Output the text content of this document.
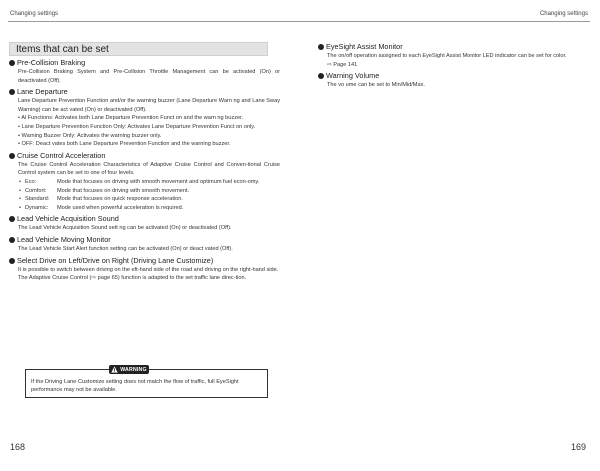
Changing settings
Items that can be set
Pre-Collision Braking
Pre-Collision Braking System and Pre-Collision Throttle Management can be activated (On) or deactivated (Off).
Lane Departure
Lane Departure Prevention Function and/or the warning buzzer (Lane Departure Warn ng and Lane Sway Warning) can be act vated (On) or deactivated (Off).
• Al Functions: Activates both Lane Departure Prevention Funct on and the warn ng buzzer.
• Lane Departure Prevention Function Only: Activates Lane Departure Prevention Funct on only.
• Warning Buzzer Only: Activates the warning buzzer only.
• OFF: Deact vates both Lane Departure Prevention Function and the warning buzzer.
Cruise Control Acceleration
The Cruise Control Acceleration Characteristics of Adaptive Cruise Control and Conven-tional Cruise Control system can be set to one of four levels.
• Eco:	Mode that focuses on driving with smooth movement and optimum fuel econ-omy.
• Comfort:	Mode that focuses on driving with smooth movement.
• Standard:	Mode that focuses on quick response acceleration.
• Dynamic:	Mode used when powerful acceleration is required.
Lead Vehicle Acquisition Sound
The Lead Vehicle Acquisition Sound sett ng can be activated (On) or deactivated (Off).
Lead Vehicle Moving Monitor
The Lead Vehicle Start Alert function setting can be activated (On) or deact vated (Off).
Select Drive on Left/Drive on Right (Driving Lane Customize)
It is possible to switch between driving on the eft-hand side of the road and driving on the right-hand side.
The Adaptive Cruise Control (⇨ page 65) function is adapted to the set traffic lane direc-tion.
WARNING
If the Driving Lane Customize setting does not match the flow of traffic, full EyeSight performance may not be available.
168
Changing settings
169
EyeSight Assist Monitor
The on/off operation assigned to each EyeSight Assist Monitor LED indicator can be set for color.
⇨ Page 141
Warning Volume
The vo ume can be set to Min/Mid/Max.
